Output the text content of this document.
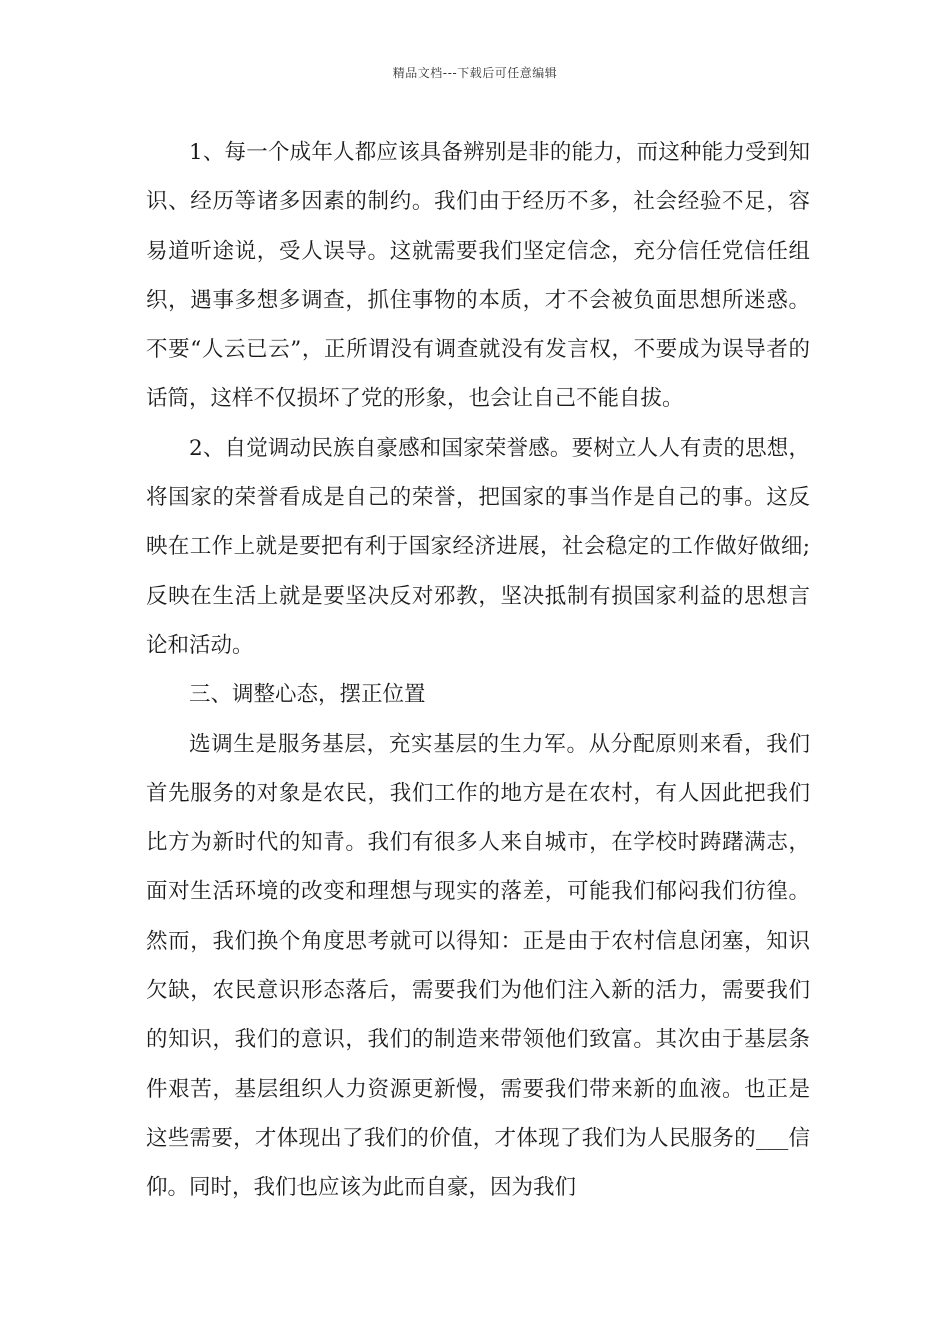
精品文档---下载后可任意编辑

1、每一个成年人都应该具备辨别是非的能力，而这种能力受到知识、经历等诸多因素的制约。我们由于经历不多，社会经验不足，容易道听途说，受人误导。这就需要我们坚定信念，充分信任党信任组织，遇事多想多调查，抓住事物的本质，才不会被负面思想所迷惑。不要“人云已云”，正所谓没有调查就没有发言权，不要成为误导者的话筒，这样不仅损坏了党的形象，也会让自己不能自拔。

2、自觉调动民族自豪感和国家荣誉感。要树立人人有责的思想，将国家的荣誉看成是自己的荣誉，把国家的事当作是自己的事。这反映在工作上就是要把有利于国家经济进展，社会稳定的工作做好做细;反映在生活上就是要坚决反对邪教，坚决抵制有损国家利益的思想言论和活动。

三、调整心态，摆正位置

选调生是服务基层，充实基层的生力军。从分配原则来看，我们首先服务的对象是农民，我们工作的地方是在农村，有人因此把我们比方为新时代的知青。我们有很多人来自城市，在学校时踌躇满志，面对生活环境的改变和理想与现实的落差，可能我们郁闷我们彷徨。然而，我们换个角度思考就可以得知：正是由于农村信息闭塞，知识欠缺，农民意识形态落后，需要我们为他们注入新的活力，需要我们的知识，我们的意识，我们的制造来带领他们致富。其次由于基层条件艰苦，基层组织人力资源更新慢，需要我们带来新的血液。也正是这些需要，才体现出了我们的价值，才体现了我们为人民服务的___信仰。同时，我们也应该为此而自豪，因为我们
